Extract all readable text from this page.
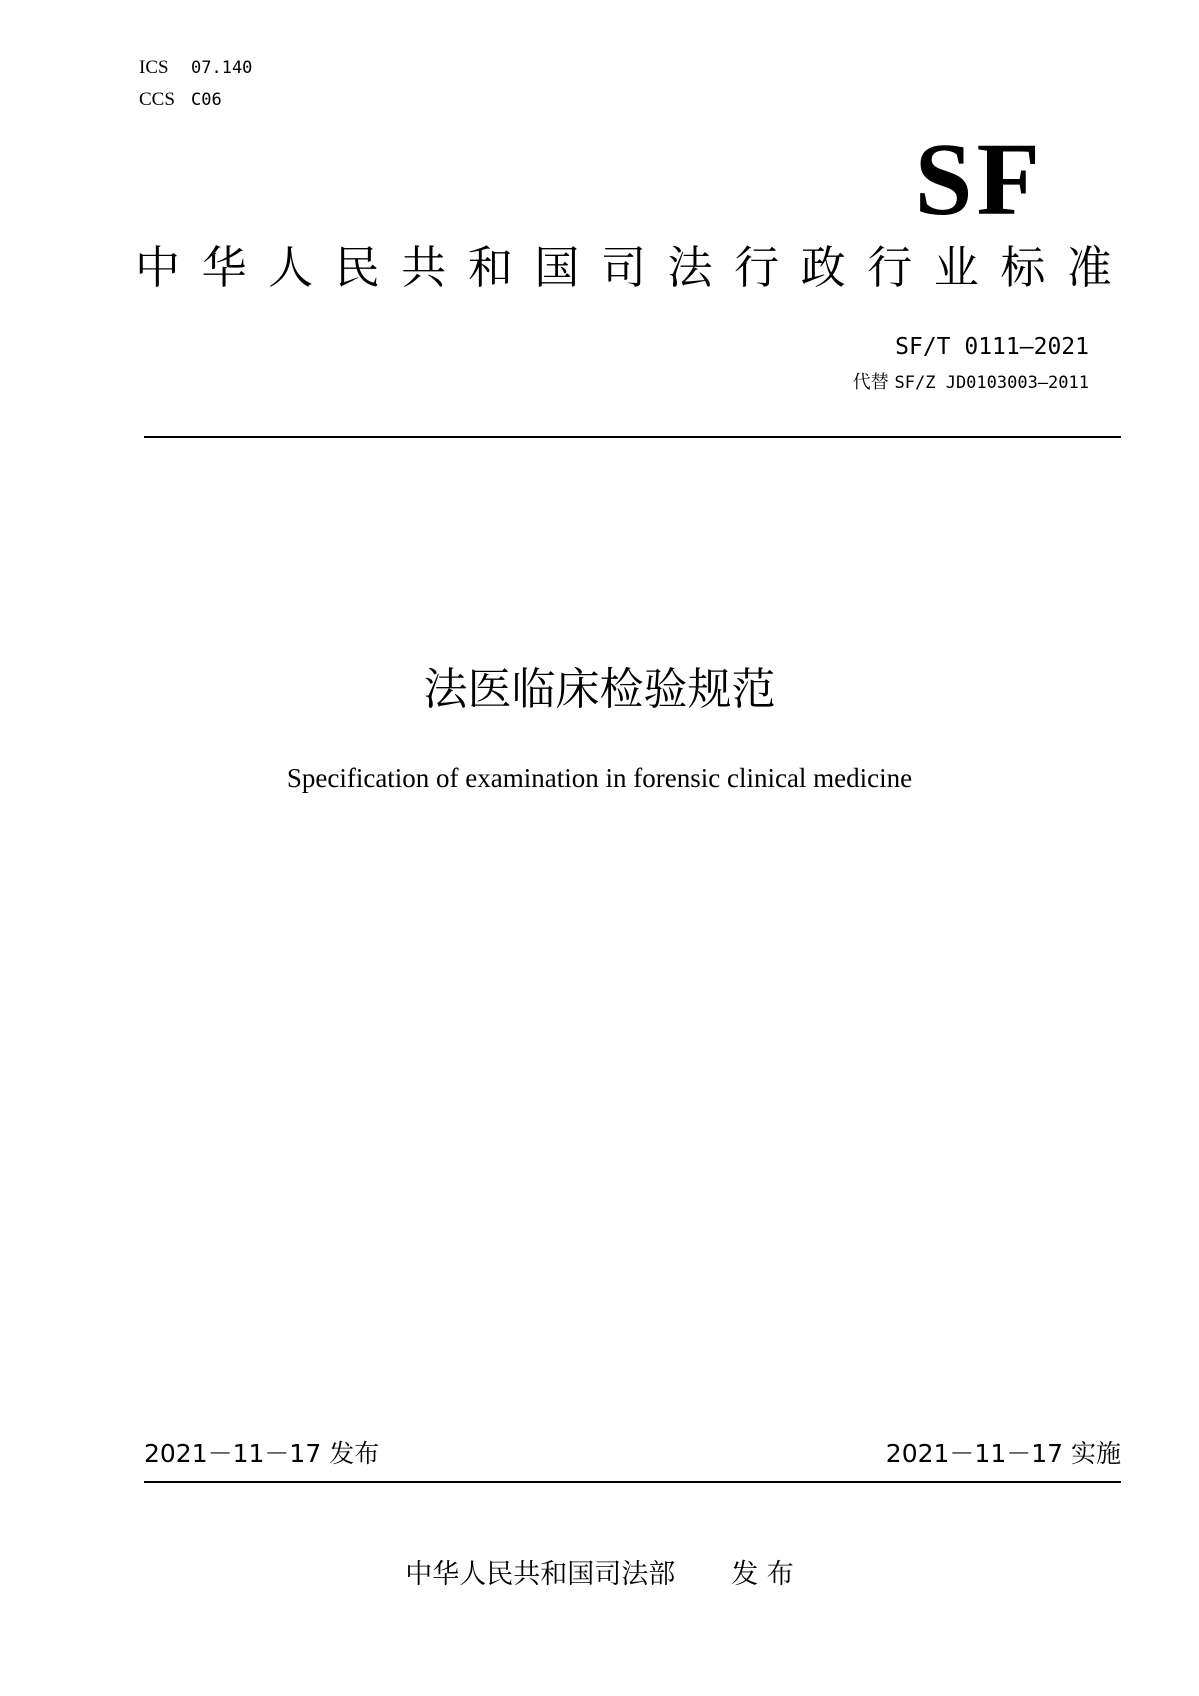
ICS 07.140
CCS C06
SF
中 华 人 民 共 和 国 司 法 行 政 行 业 标 准
SF/T 0111—2021
代替 SF/Z JD0103003—2011
法医临床检验规范
Specification of examination in forensic clinical medicine
2021－11－17 发布	2021－11－17 实施
中华人民共和国司法部 发 布
